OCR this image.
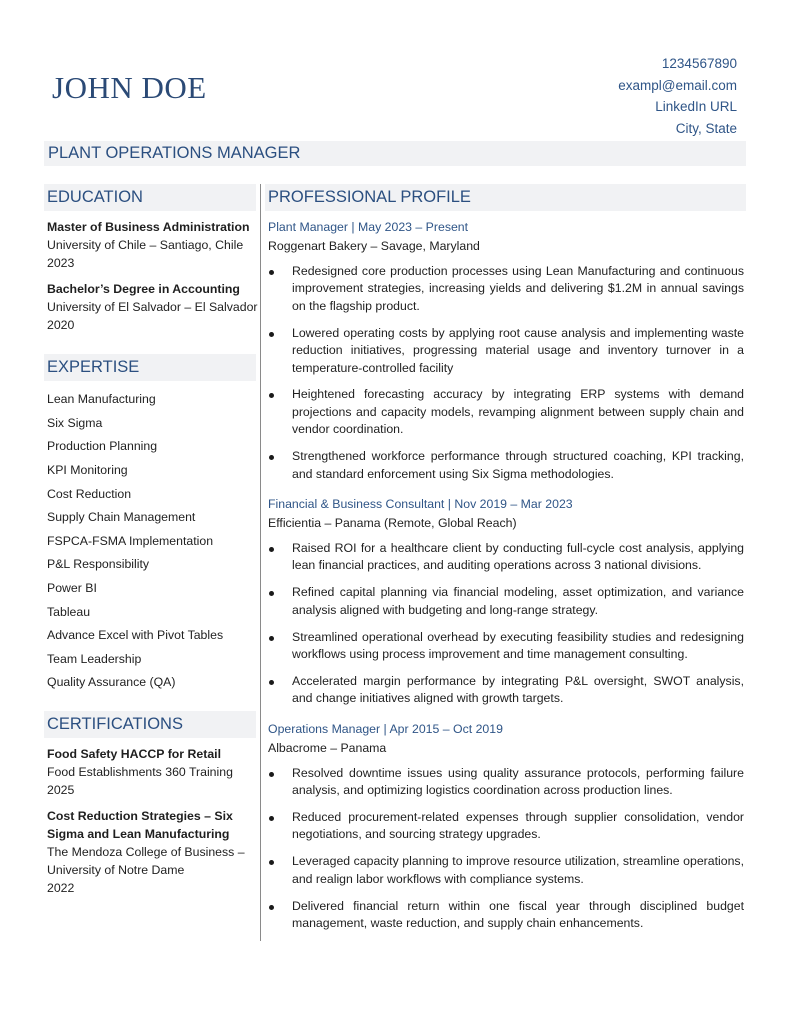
JOHN DOE
1234567890
exampl@email.com
LinkedIn URL
City, State
PLANT OPERATIONS MANAGER
EDUCATION
Master of Business Administration
University of Chile – Santiago, Chile
2023
Bachelor’s Degree in Accounting
University of El Salvador – El Salvador
2020
EXPERTISE
Lean Manufacturing
Six Sigma
Production Planning
KPI Monitoring
Cost Reduction
Supply Chain Management
FSPCA-FSMA Implementation
P&L Responsibility
Power BI
Tableau
Advance Excel with Pivot Tables
Team Leadership
Quality Assurance (QA)
CERTIFICATIONS
Food Safety HACCP for Retail
Food Establishments 360 Training
2025
Cost Reduction Strategies – Six
Sigma and Lean Manufacturing
The Mendoza College of Business –
University of Notre Dame
2022
PROFESSIONAL PROFILE
Plant Manager | May 2023 – Present
Roggenart Bakery – Savage, Maryland
Redesigned core production processes using Lean Manufacturing and continuous improvement strategies, increasing yields and delivering $1.2M in annual savings on the flagship product.
Lowered operating costs by applying root cause analysis and implementing waste reduction initiatives, progressing material usage and inventory turnover in a temperature-controlled facility
Heightened forecasting accuracy by integrating ERP systems with demand projections and capacity models, revamping alignment between supply chain and vendor coordination.
Strengthened workforce performance through structured coaching, KPI tracking, and standard enforcement using Six Sigma methodologies.
Financial & Business Consultant | Nov 2019 – Mar 2023
Efficientia – Panama (Remote, Global Reach)
Raised ROI for a healthcare client by conducting full-cycle cost analysis, applying lean financial practices, and auditing operations across 3 national divisions.
Refined capital planning via financial modeling, asset optimization, and variance analysis aligned with budgeting and long-range strategy.
Streamlined operational overhead by executing feasibility studies and redesigning workflows using process improvement and time management consulting.
Accelerated margin performance by integrating P&L oversight, SWOT analysis, and change initiatives aligned with growth targets.
Operations Manager | Apr 2015 – Oct 2019
Albacrome – Panama
Resolved downtime issues using quality assurance protocols, performing failure analysis, and optimizing logistics coordination across production lines.
Reduced procurement-related expenses through supplier consolidation, vendor negotiations, and sourcing strategy upgrades.
Leveraged capacity planning to improve resource utilization, streamline operations, and realign labor workflows with compliance systems.
Delivered financial return within one fiscal year through disciplined budget management, waste reduction, and supply chain enhancements.
